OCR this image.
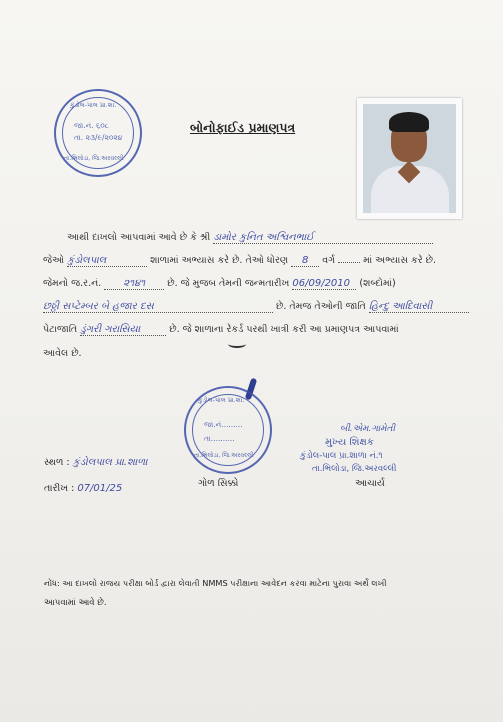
કુંડોલ-પાલ પ્રા.શા.
જા.નં. ૬૦૮
તા. ૨૩/૯/૨૦૨૪
તા.ભિલોડા, જિ.અરવલ્લી
બોનોફાઈડ પ્રમાણપત્ર
આથી દાખલો આપવામાં આવે છે કે શ્રી ડામોર કુનિત અશ્વિનભાઈ
જેઓ કુંડોલપાલ	શાળામાં અભ્યાસ કરે છે. તેઓ ધોરણ 8 વર્ગ	માં અભ્યાસ કરે છે.
જેમનો જ.ર.નં. ૨૧૪૧ છે. જે મુજબ તેમની જન્મતારીખ 06/09/2010 (શબ્દોમાં)
છઠ્ઠી સપ્ટેમ્બર બે હજાર દસ	છે. તેમજ તેઓની જાતિ હિન્દુ આદિવાસી
પેટાજાતિ ડુંગરી ગરાસિયા	છે. જે શાળાના રેકર્ડ પરથી ખાત્રી કરી આ પ્રમાણપત્ર આપવામાં
આવેલ છે.
કુંડોલ-પાલ પ્રા.શા.
જા.નં.........
તા..........
તા.ભિલોડા, જિ.અરવલ્લી
સ્થળ : કુંડોલપાલ પ્રા.શાળા
તારીખ : 07/01/25	ગોળ સિક્કો
બી.એમ.ગામેતી
મુખ્ય શિક્ષક
કુંડોલ-પાલ પ્રા.શાળા નં.૧
તા.ભિલોડા, જિ.અરવલ્લી
આચાર્ય
નોંધ: આ દાખલો રાજય પરીક્ષા બોર્ડ દ્વારા લેવાતી NMMS પરીક્ષાના આવેદન કરવા માટેના પુરાવા અર્થે લખી
આપવામાં આવે છે.
